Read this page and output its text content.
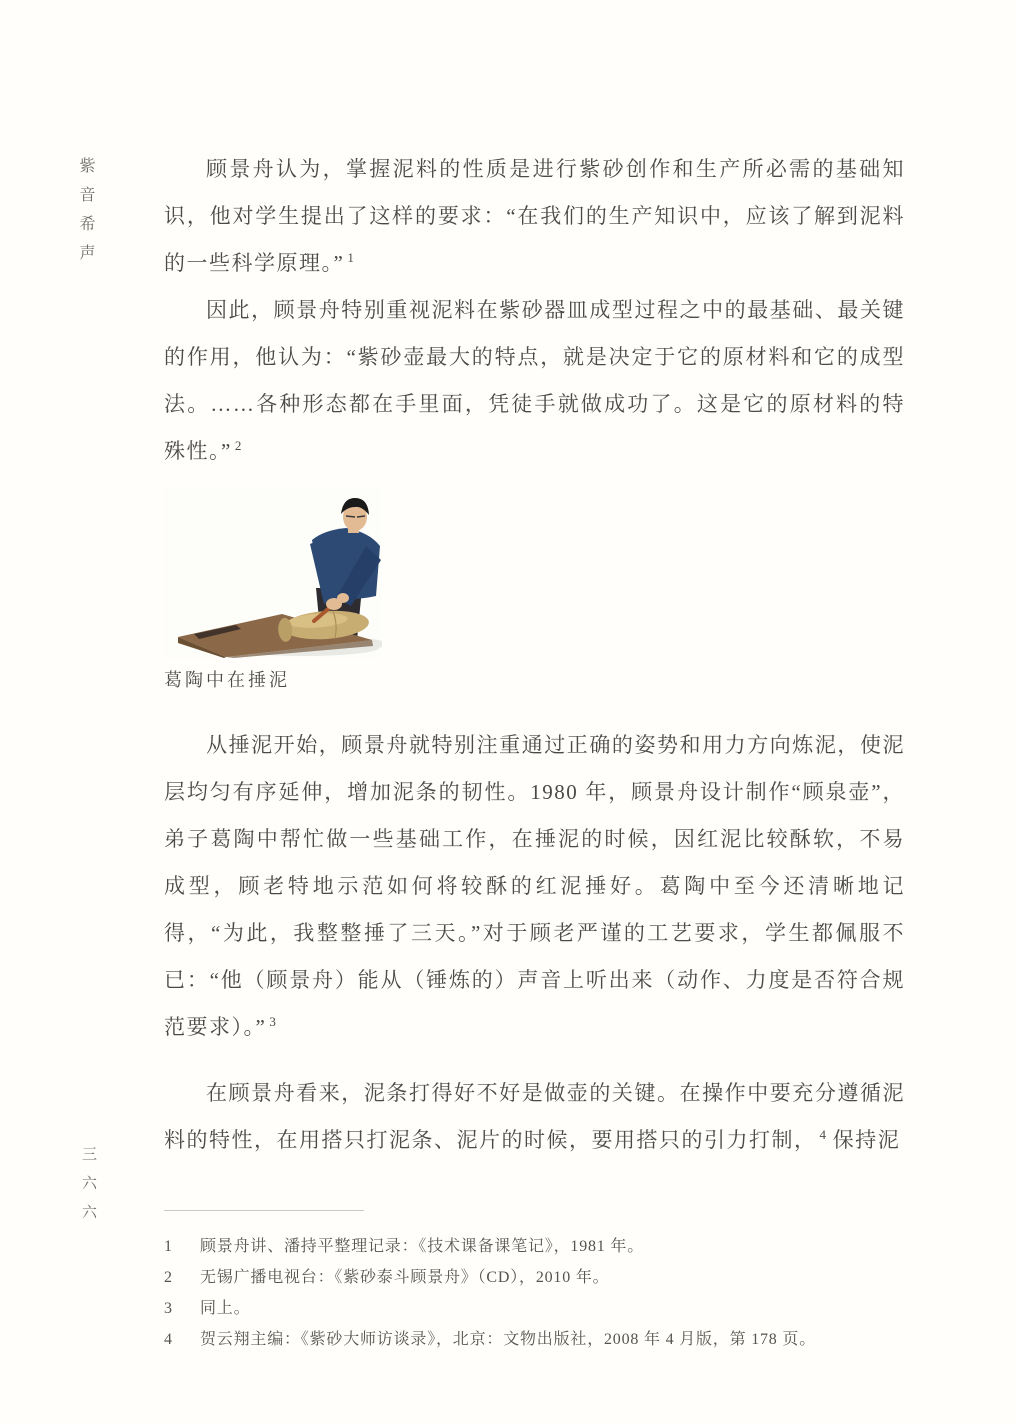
紫音希声	顾景舟认为，掌握泥料的性质是进行紫砂创作和生产所必需的基础知识，他对学生提出了这样的要求：“在我们的生产知识中，应该了解到泥料的一些科学原理。” $^1$

因此，顾景舟特别重视泥料在紫砂器皿成型过程之中的最基础、最关键的作用，他认为：“紫砂壶最大的特点，就是决定于它的原材料和它的成型法。……各种形态都在手里面，凭徒手就做成功了。这是它的原材料的特殊性。” $^2$

葛陶中在捶泥

从捶泥开始，顾景舟就特别注重通过正确的姿势和用力方向炼泥，使泥层均匀有序延伸，增加泥条的韧性。1980 年，顾景舟设计制作“顾泉壶”，弟子葛陶中帮忙做一些基础工作，在捶泥的时候，因红泥比较酥软，不易成型，顾老特地示范如何将较酥的红泥捶好。葛陶中至今还清晰地记得，“为此，我整整捶了三天。”对于顾老严谨的工艺要求，学生都佩服不已：“他（顾景舟）能从（锤炼的）声音上听出来（动作、力度是否符合规范要求）。” $^3$

在顾景舟看来，泥条打得好不好是做壶的关键。在操作中要充分遵循泥料的特性，在用搭只打泥条、泥片的时候，要用搭只的引力打制， $^4$ 保持泥

1	顾景舟讲、潘持平整理记录：《技术课备课笔记》，1981 年。
2	无锡广播电视台：《紫砂泰斗顾景舟》（CD），2010 年。
3	同上。
4	贺云翔主编：《紫砂大师访谈录》，北京：文物出版社，2008 年 4 月版，第 178 页。
三六六
